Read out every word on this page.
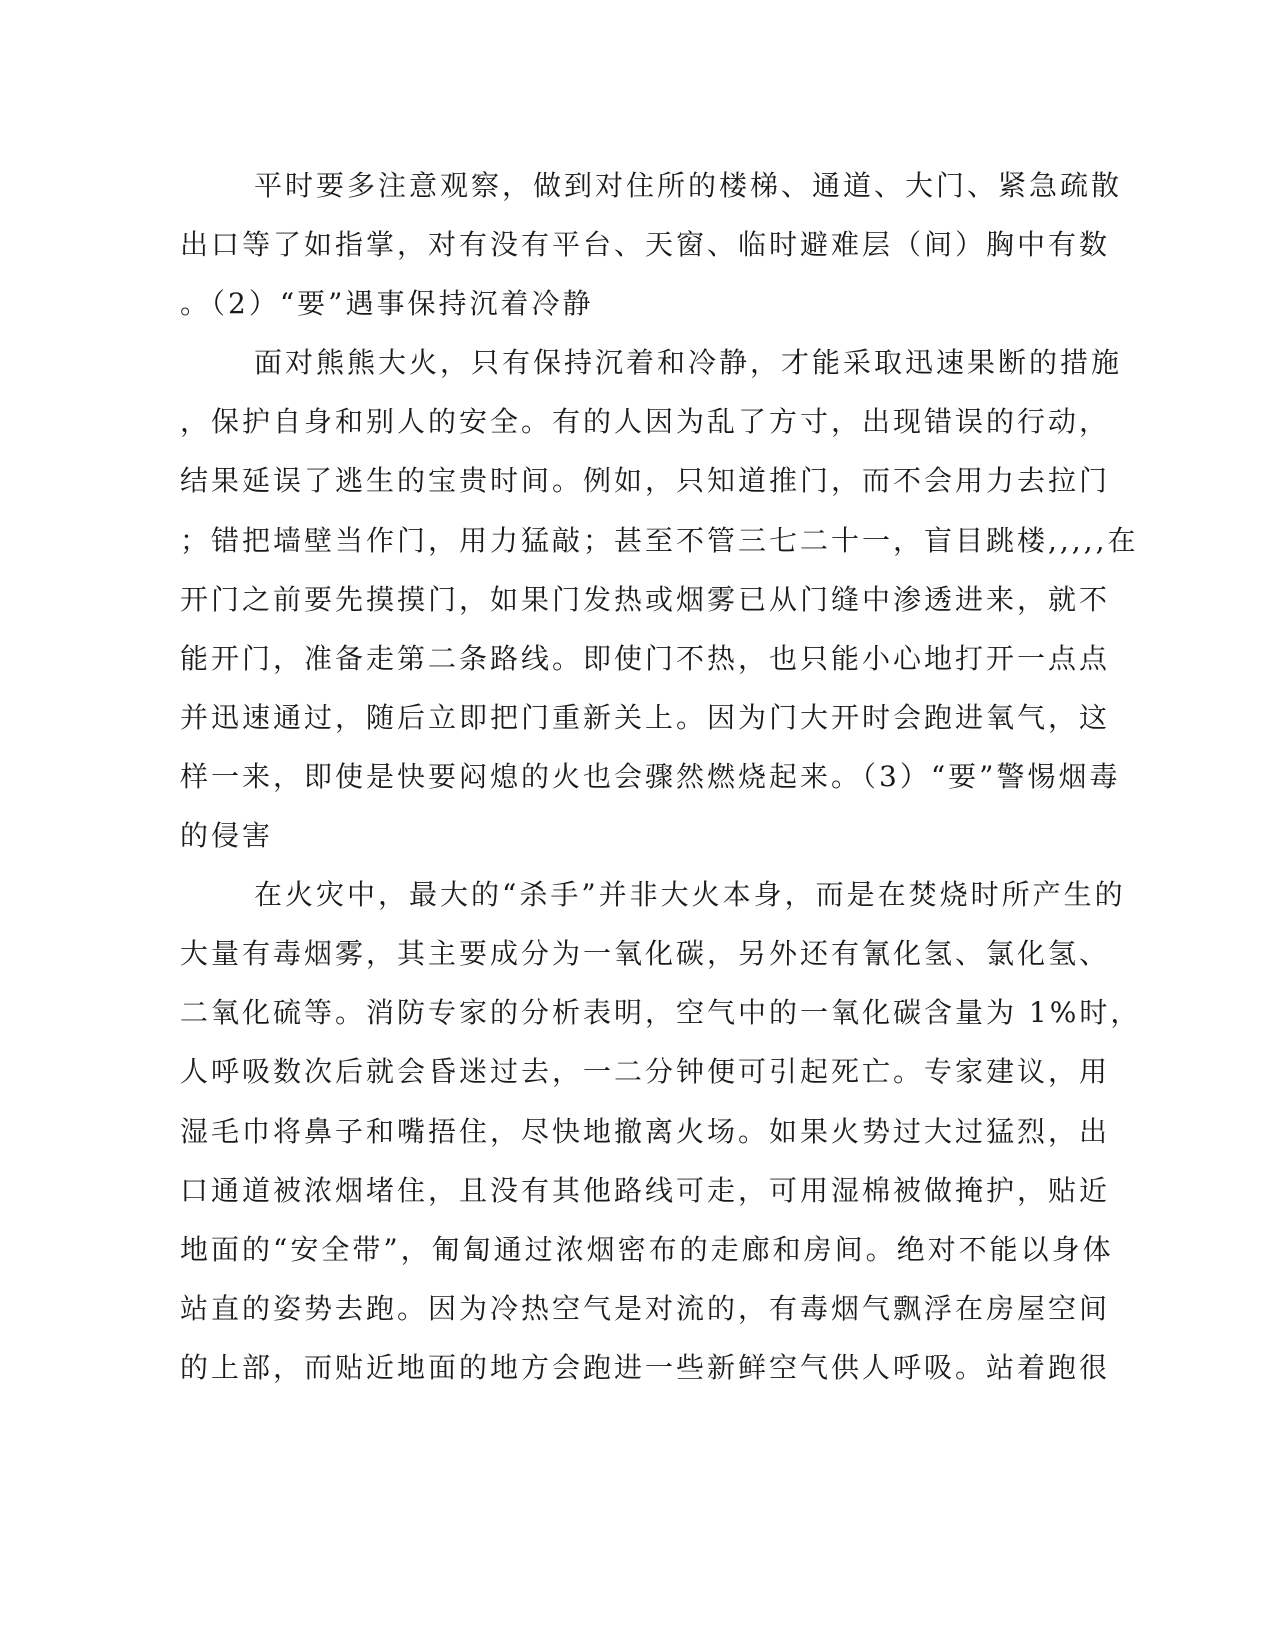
平时要多注意观察，做到对住所的楼梯、通道、大门、紧急疏散
出口等了如指掌，对有没有平台、天窗、临时避难层（间）胸中有数
。（2）“要”遇事保持沉着冷静
面对熊熊大火，只有保持沉着和冷静，才能采取迅速果断的措施
，保护自身和别人的安全。有的人因为乱了方寸，出现错误的行动，
结果延误了逃生的宝贵时间。例如，只知道推门，而不会用力去拉门
；错把墙壁当作门，用力猛敲；甚至不管三七二十一，盲目跳楼,,,,,在
开门之前要先摸摸门，如果门发热或烟雾已从门缝中渗透进来，就不
能开门，准备走第二条路线。即使门不热，也只能小心地打开一点点
并迅速通过，随后立即把门重新关上。因为门大开时会跑进氧气，这
样一来，即使是快要闷熄的火也会骤然燃烧起来。（3）“要”警惕烟毒
的侵害
在火灾中，最大的“杀手”并非大火本身，而是在焚烧时所产生的
大量有毒烟雾，其主要成分为一氧化碳，另外还有氰化氢、氯化氢、
二氧化硫等。消防专家的分析表明，空气中的一氧化碳含量为 1%时，
人呼吸数次后就会昏迷过去，一二分钟便可引起死亡。专家建议，用
湿毛巾将鼻子和嘴捂住，尽快地撤离火场。如果火势过大过猛烈，出
口通道被浓烟堵住，且没有其他路线可走，可用湿棉被做掩护，贴近
地面的“安全带”，匍匐通过浓烟密布的走廊和房间。绝对不能以身体
站直的姿势去跑。因为冷热空气是对流的，有毒烟气飘浮在房屋空间
的上部，而贴近地面的地方会跑进一些新鲜空气供人呼吸。站着跑很
